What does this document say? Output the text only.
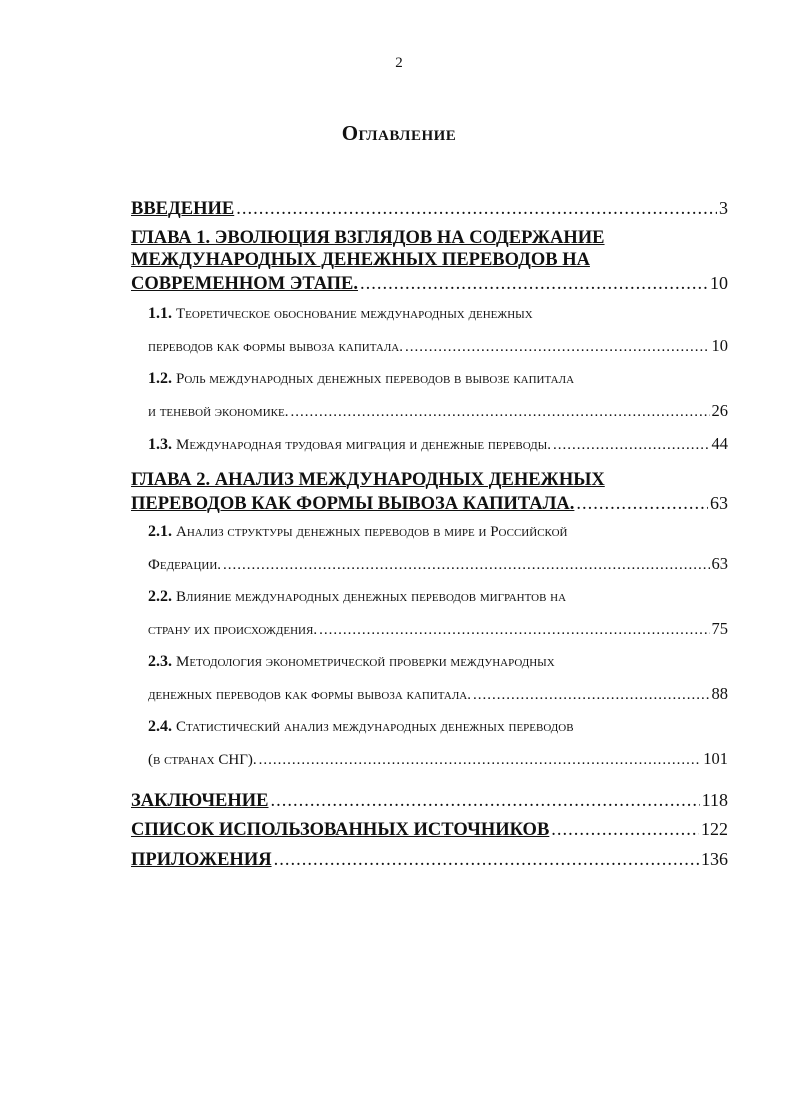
2
Оглавление
ВВЕДЕНИЕ .....	3
ГЛАВА 1. ЭВОЛЮЦИЯ ВЗГЛЯДОВ НА СОДЕРЖАНИЕ
МЕЖДУНАРОДНЫХ ДЕНЕЖНЫХ ПЕРЕВОДОВ НА
СОВРЕМЕННОМ ЭТАПЕ. .....	10
1.1. Теоретическое обоснование международных денежных
переводов как формы вывоза капитала. .....	10
1.2. Роль международных денежных переводов в вывозе капитала
и теневой экономике. .....	26
1.3. Международная трудовая миграция и денежные переводы. .....	44
ГЛАВА 2. АНАЛИЗ МЕЖДУНАРОДНЫХ ДЕНЕЖНЫХ
ПЕРЕВОДОВ КАК ФОРМЫ ВЫВОЗА КАПИТАЛА. .....	63
2.1. Анализ структуры денежных переводов в мире и Российской
Федерации. .....	63
2.2. Влияние международных денежных переводов мигрантов на
страну их происхождения. .....	75
2.3. Методология эконометрической проверки международных
денежных переводов как формы вывоза капитала. .....	88
2.4. Статистический анализ международных денежных переводов
(в странах СНГ). .....	101
ЗАКЛЮЧЕНИЕ .....	118
СПИСОК ИСПОЛЬЗОВАННЫХ ИСТОЧНИКОВ .....	122
ПРИЛОЖЕНИЯ .....	136
